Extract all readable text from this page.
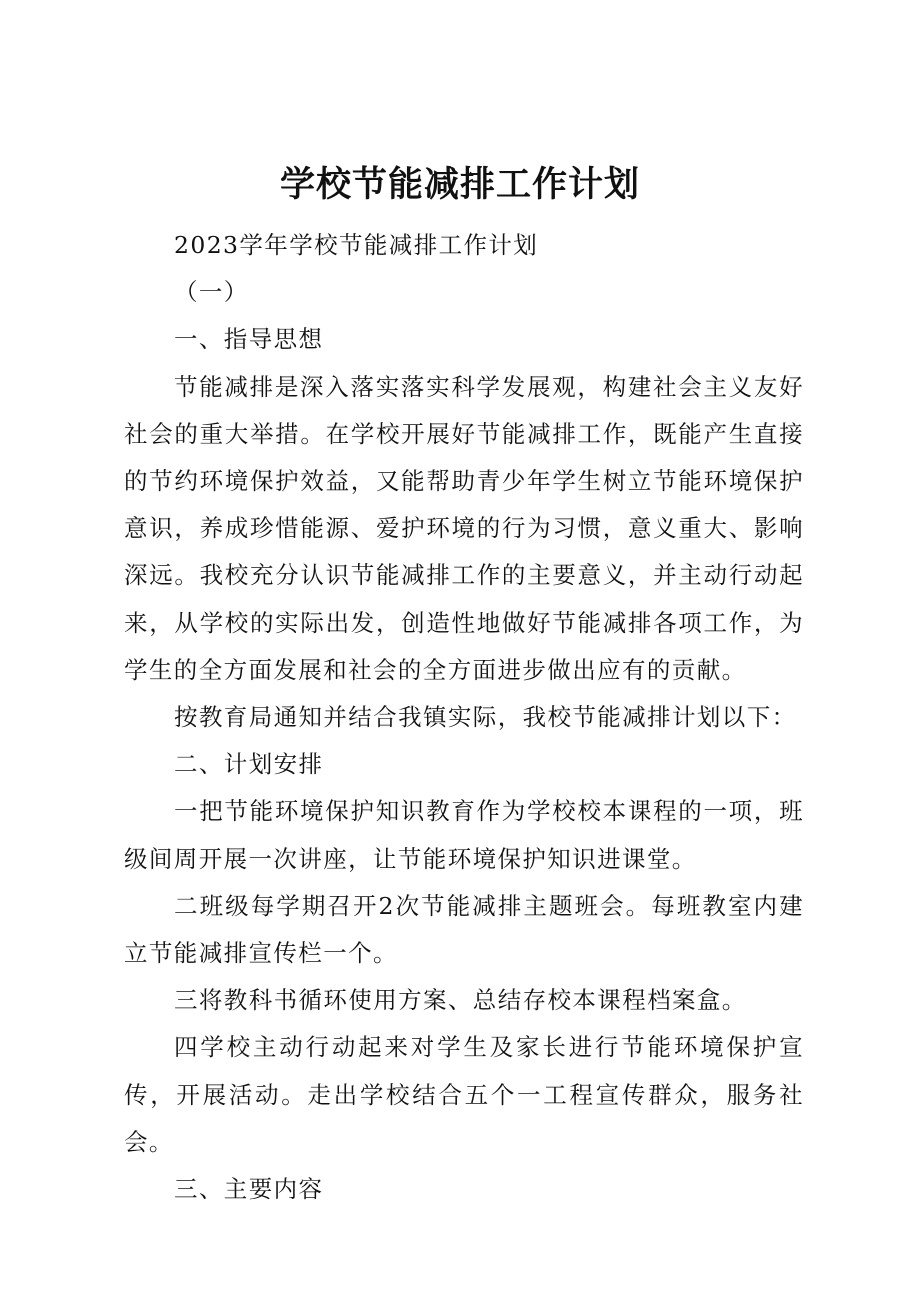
学校节能减排工作计划

2023学年学校节能减排工作计划

（一）

一、指导思想

节能减排是深入落实落实科学发展观，构建社会主义友好社会的重大举措。在学校开展好节能减排工作，既能产生直接的节约环境保护效益，又能帮助青少年学生树立节能环境保护意识，养成珍惜能源、爱护环境的行为习惯，意义重大、影响深远。我校充分认识节能减排工作的主要意义，并主动行动起来，从学校的实际出发，创造性地做好节能减排各项工作，为学生的全方面发展和社会的全方面进步做出应有的贡献。

按教育局通知并结合我镇实际，我校节能减排计划以下：

二、计划安排

一把节能环境保护知识教育作为学校校本课程的一项，班级间周开展一次讲座，让节能环境保护知识进课堂。

二班级每学期召开2次节能减排主题班会。每班教室内建立节能减排宣传栏一个。

三将教科书循环使用方案、总结存校本课程档案盒。

四学校主动行动起来对学生及家长进行节能环境保护宣传，开展活动。走出学校结合五个一工程宣传群众，服务社会。

三、主要内容
